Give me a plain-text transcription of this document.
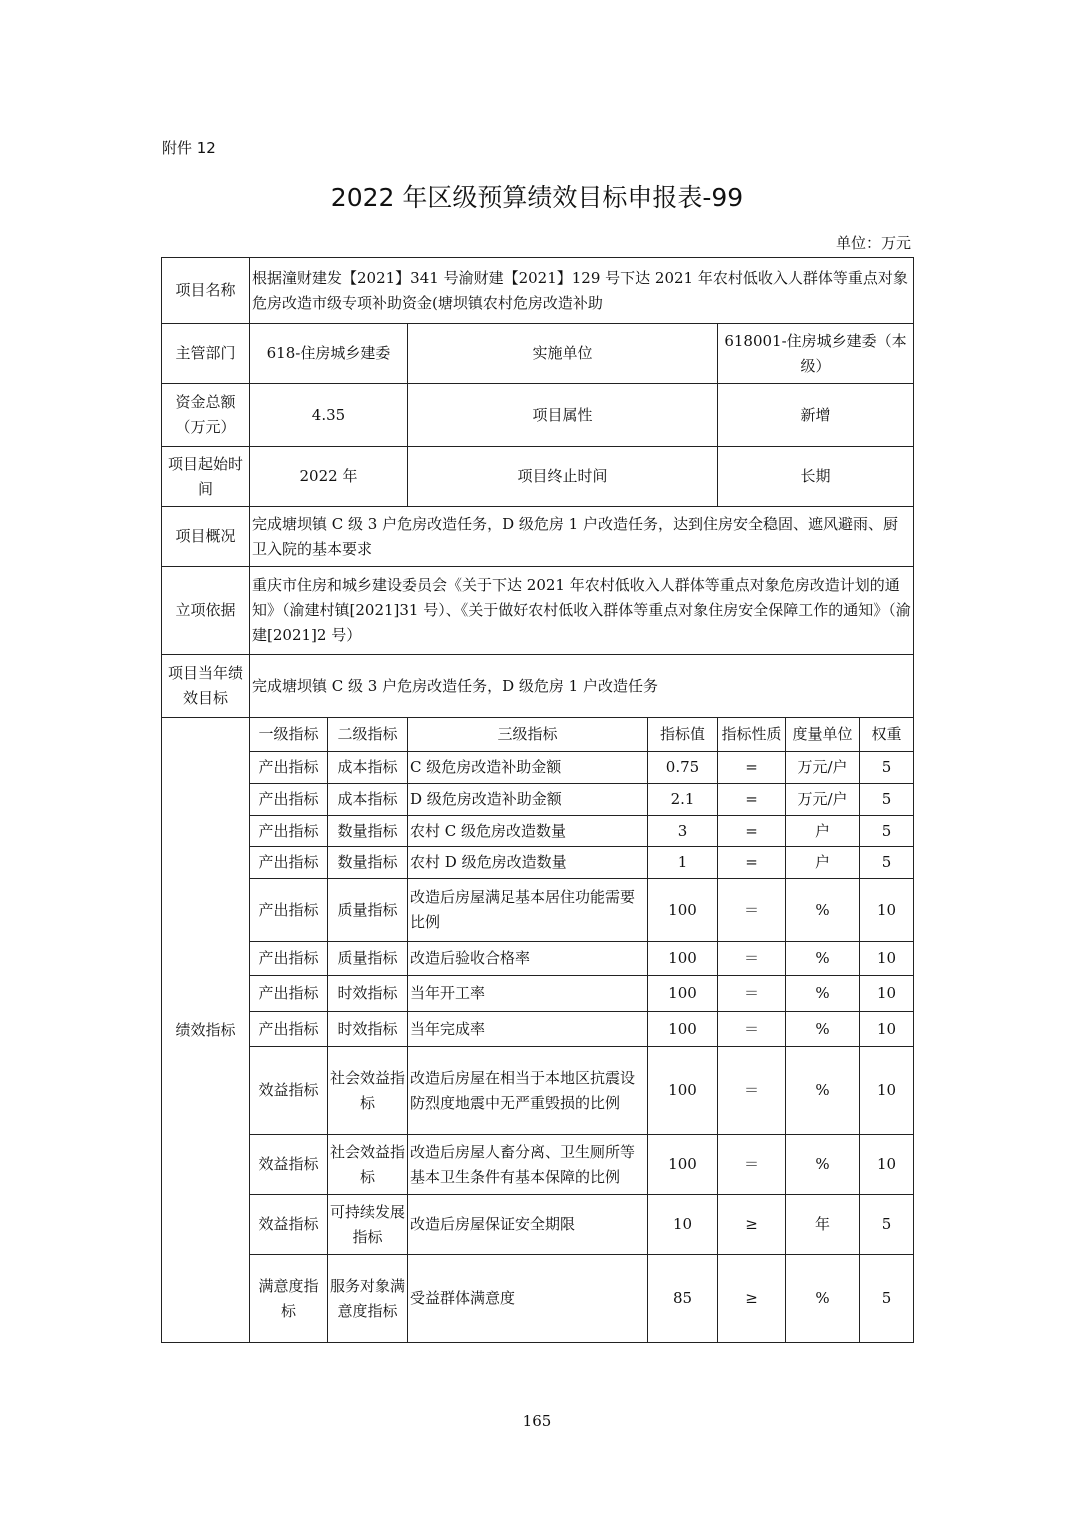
附件 12
2022 年区级预算绩效目标申报表-99
单位：万元
项目名称	根据潼财建发【2021】341 号渝财建【2021】129 号下达 2021 年农村低收入人群体等重点对象危房改造市级专项补助资金(塘坝镇农村危房改造补助						
主管部门	618-住房城乡建委		实施单位		618001-住房城乡建委（本级）		
资金总额（万元）	4.35		项目属性		新增		
项目起始时间	2022 年		项目终止时间		长期		
项目概况	完成塘坝镇 C 级 3 户危房改造任务，D 级危房 1 户改造任务，达到住房安全稳固、遮风避雨、厨卫入院的基本要求						
立项依据	重庆市住房和城乡建设委员会《关于下达 2021 年农村低收入人群体等重点对象危房改造计划的通知》（渝建村镇[2021]31 号）、《关于做好农村低收入群体等重点对象住房安全保障工作的通知》（渝建[2021]2 号）						
项目当年绩效目标	完成塘坝镇 C 级 3 户危房改造任务，D 级危房 1 户改造任务						
绩效指标	一级指标	二级指标	三级指标	指标值	指标性质	度量单位	权重
	产出指标	成本指标	C 级危房改造补助金额	0.75	=	万元/户	5
	产出指标	成本指标	D 级危房改造补助金额	2.1	=	万元/户	5
	产出指标	数量指标	农村 C 级危房改造数量	3	=	户	5
	产出指标	数量指标	农村 D 级危房改造数量	1	=	户	5
	产出指标	质量指标	改造后房屋满足基本居住功能需要比例	100	＝	%	10
	产出指标	质量指标	改造后验收合格率	100	＝	%	10
	产出指标	时效指标	当年开工率	100	＝	%	10
	产出指标	时效指标	当年完成率	100	＝	%	10
	效益指标	社会效益指标	改造后房屋在相当于本地区抗震设防烈度地震中无严重毁损的比例	100	＝	%	10
	效益指标	社会效益指标	改造后房屋人畜分离、卫生厕所等基本卫生条件有基本保障的比例	100	＝	%	10
	效益指标	可持续发展指标	改造后房屋保证安全期限	10	≥	年	5
	满意度指标	服务对象满意度指标	受益群体满意度	85	≥	%	5
165
